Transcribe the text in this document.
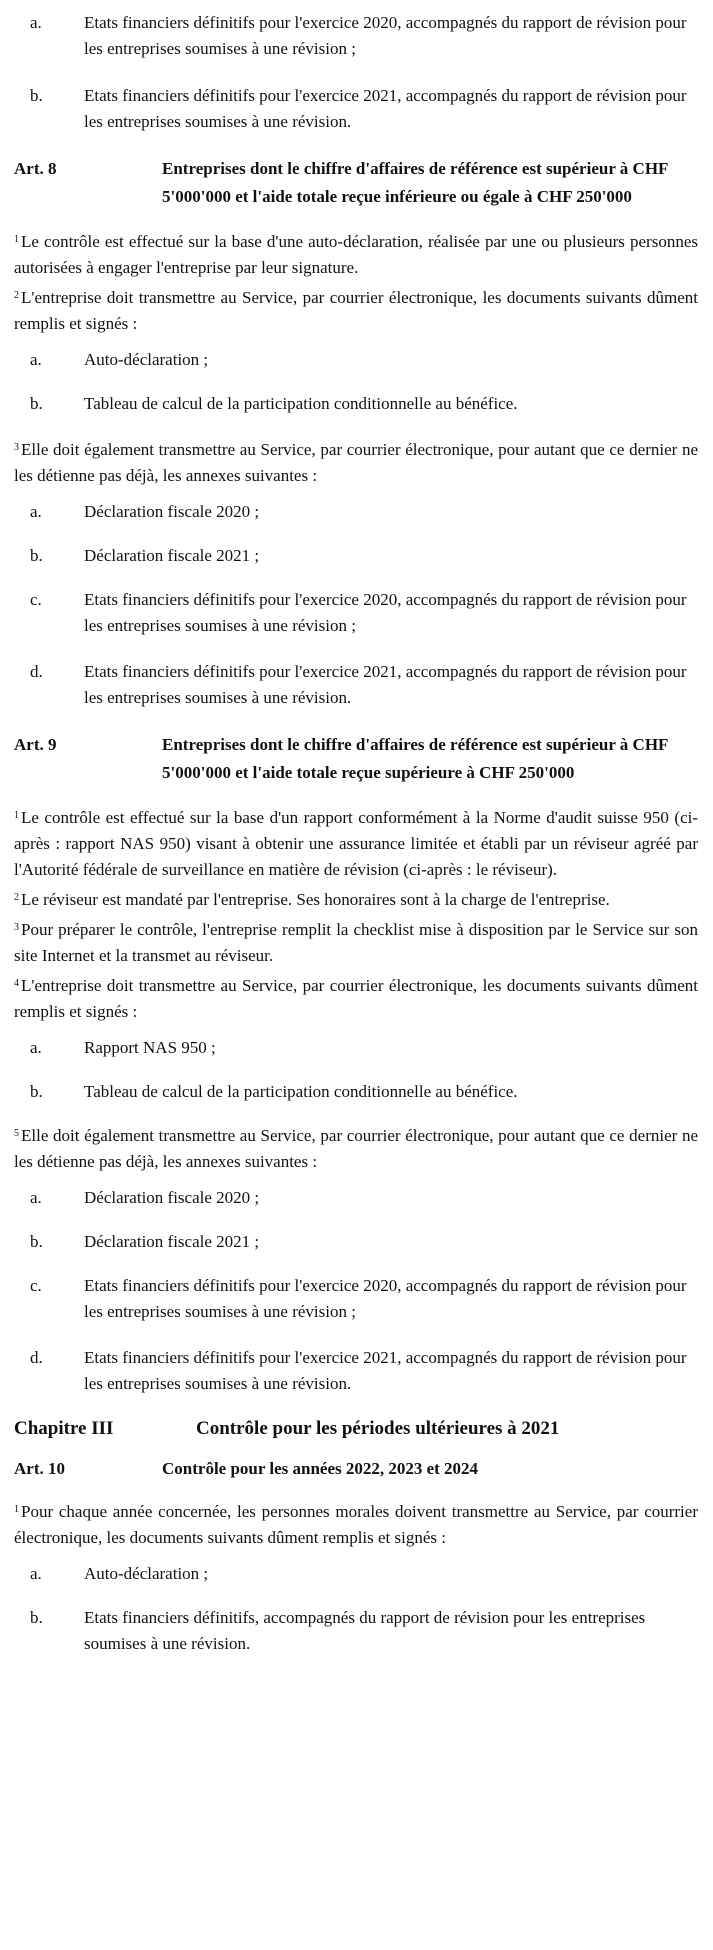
a. Etats financiers définitifs pour l'exercice 2020, accompagnés du rapport de révision pour les entreprises soumises à une révision ;
b. Etats financiers définitifs pour l'exercice 2021, accompagnés du rapport de révision pour les entreprises soumises à une révision.
Art. 8	Entreprises dont le chiffre d'affaires de référence est supérieur à CHF 5'000'000 et l'aide totale reçue inférieure ou égale à CHF 250'000
$^1$ Le contrôle est effectué sur la base d'une auto-déclaration, réalisée par une ou plusieurs personnes autorisées à engager l'entreprise par leur signature.
$^2$ L'entreprise doit transmettre au Service, par courrier électronique, les documents suivants dûment remplis et signés :
a. Auto-déclaration ;
b. Tableau de calcul de la participation conditionnelle au bénéfice.
$^3$ Elle doit également transmettre au Service, par courrier électronique, pour autant que ce dernier ne les détienne pas déjà, les annexes suivantes :
a. Déclaration fiscale 2020 ;
b. Déclaration fiscale 2021 ;
c. Etats financiers définitifs pour l'exercice 2020, accompagnés du rapport de révision pour les entreprises soumises à une révision ;
d. Etats financiers définitifs pour l'exercice 2021, accompagnés du rapport de révision pour les entreprises soumises à une révision.
Art. 9	Entreprises dont le chiffre d'affaires de référence est supérieur à CHF 5'000'000 et l'aide totale reçue supérieure à CHF 250'000
$^1$ Le contrôle est effectué sur la base d'un rapport conformément à la Norme d'audit suisse 950 (ci-après : rapport NAS 950) visant à obtenir une assurance limitée et établi par un réviseur agréé par l'Autorité fédérale de surveillance en matière de révision (ci-après : le réviseur).
$^2$ Le réviseur est mandaté par l'entreprise. Ses honoraires sont à la charge de l'entreprise.
$^3$ Pour préparer le contrôle, l'entreprise remplit la checklist mise à disposition par le Service sur son site Internet et la transmet au réviseur.
$^4$ L'entreprise doit transmettre au Service, par courrier électronique, les documents suivants dûment remplis et signés :
a. Rapport NAS 950 ;
b. Tableau de calcul de la participation conditionnelle au bénéfice.
$^5$ Elle doit également transmettre au Service, par courrier électronique, pour autant que ce dernier ne les détienne pas déjà, les annexes suivantes :
a. Déclaration fiscale 2020 ;
b. Déclaration fiscale 2021 ;
c. Etats financiers définitifs pour l'exercice 2020, accompagnés du rapport de révision pour les entreprises soumises à une révision ;
d. Etats financiers définitifs pour l'exercice 2021, accompagnés du rapport de révision pour les entreprises soumises à une révision.
Chapitre III	Contrôle pour les périodes ultérieures à 2021
Art. 10	Contrôle pour les années 2022, 2023 et 2024
$^1$ Pour chaque année concernée, les personnes morales doivent transmettre au Service, par courrier électronique, les documents suivants dûment remplis et signés :
a. Auto-déclaration ;
b. Etats financiers définitifs, accompagnés du rapport de révision pour les entreprises soumises à une révision.
